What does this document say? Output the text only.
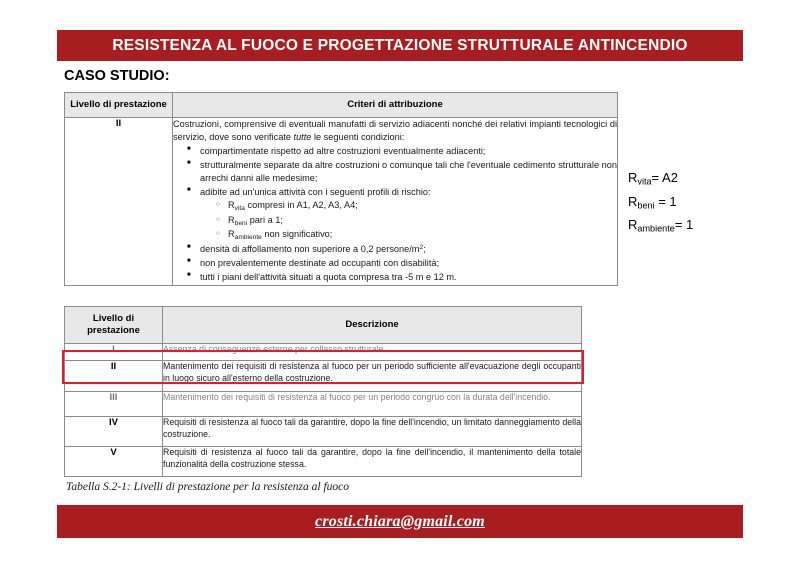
RESISTENZA AL FUOCO E PROGETTAZIONE STRUTTURALE ANTINCENDIO
CASO STUDIO:
Livello di prestazione	Criteri di attribuzione
II	Costruzioni, comprensive di eventuali manufatti di servizio adiacenti nonché dei relativi impianti tecnologici di servizio, dove sono verificate tutte le seguenti condizioni:

■ compartimentate rispetto ad altre costruzioni eventualmente adiacenti;
■ strutturalmente separate da altre costruzioni o comunque tali che l'eventuale cedimento strutturale non arrechi danni alle medesime;
■ adibite ad un'unica attività con i seguenti profili di rischio:
○ $R_{vita}$ compresi in A1, A2, A3, A4;
○ $R_{beni}$ pari a 1;
○ $R_{ambiente}$ non significativo;
■ densità di affollamento non superiore a 0,2 persone/$m^2$;
■ non prevalentemente destinate ad occupanti con disabilità;
■ tutti i piani dell'attività situati a quota compresa tra -5 m e 12 m.
$R_{vita}= A2$
$R_{beni} = 1$
$R_{ambiente}= 1$
Livello di prestazione	Descrizione
I	Assenza di conseguenze esterne per collasso strutturale
II	Mantenimento dei requisiti di resistenza al fuoco per un periodo sufficiente all'evacuazione degli occupanti in luogo sicuro all'esterno della costruzione.
III	Mantenimento dei requisiti di resistenza al fuoco per un periodo congruo con la durata dell'incendio.
IV	Requisiti di resistenza al fuoco tali da garantire, dopo la fine dell'incendio, un limitato danneggiamento della costruzione.
V	Requisiti di resistenza al fuoco tali da garantire, dopo la fine dell'incendio, il mantenimento della totale funzionalità della costruzione stessa.
Tabella S.2-1: Livelli di prestazione per la resistenza al fuoco
crosti.chiara@gmail.com
